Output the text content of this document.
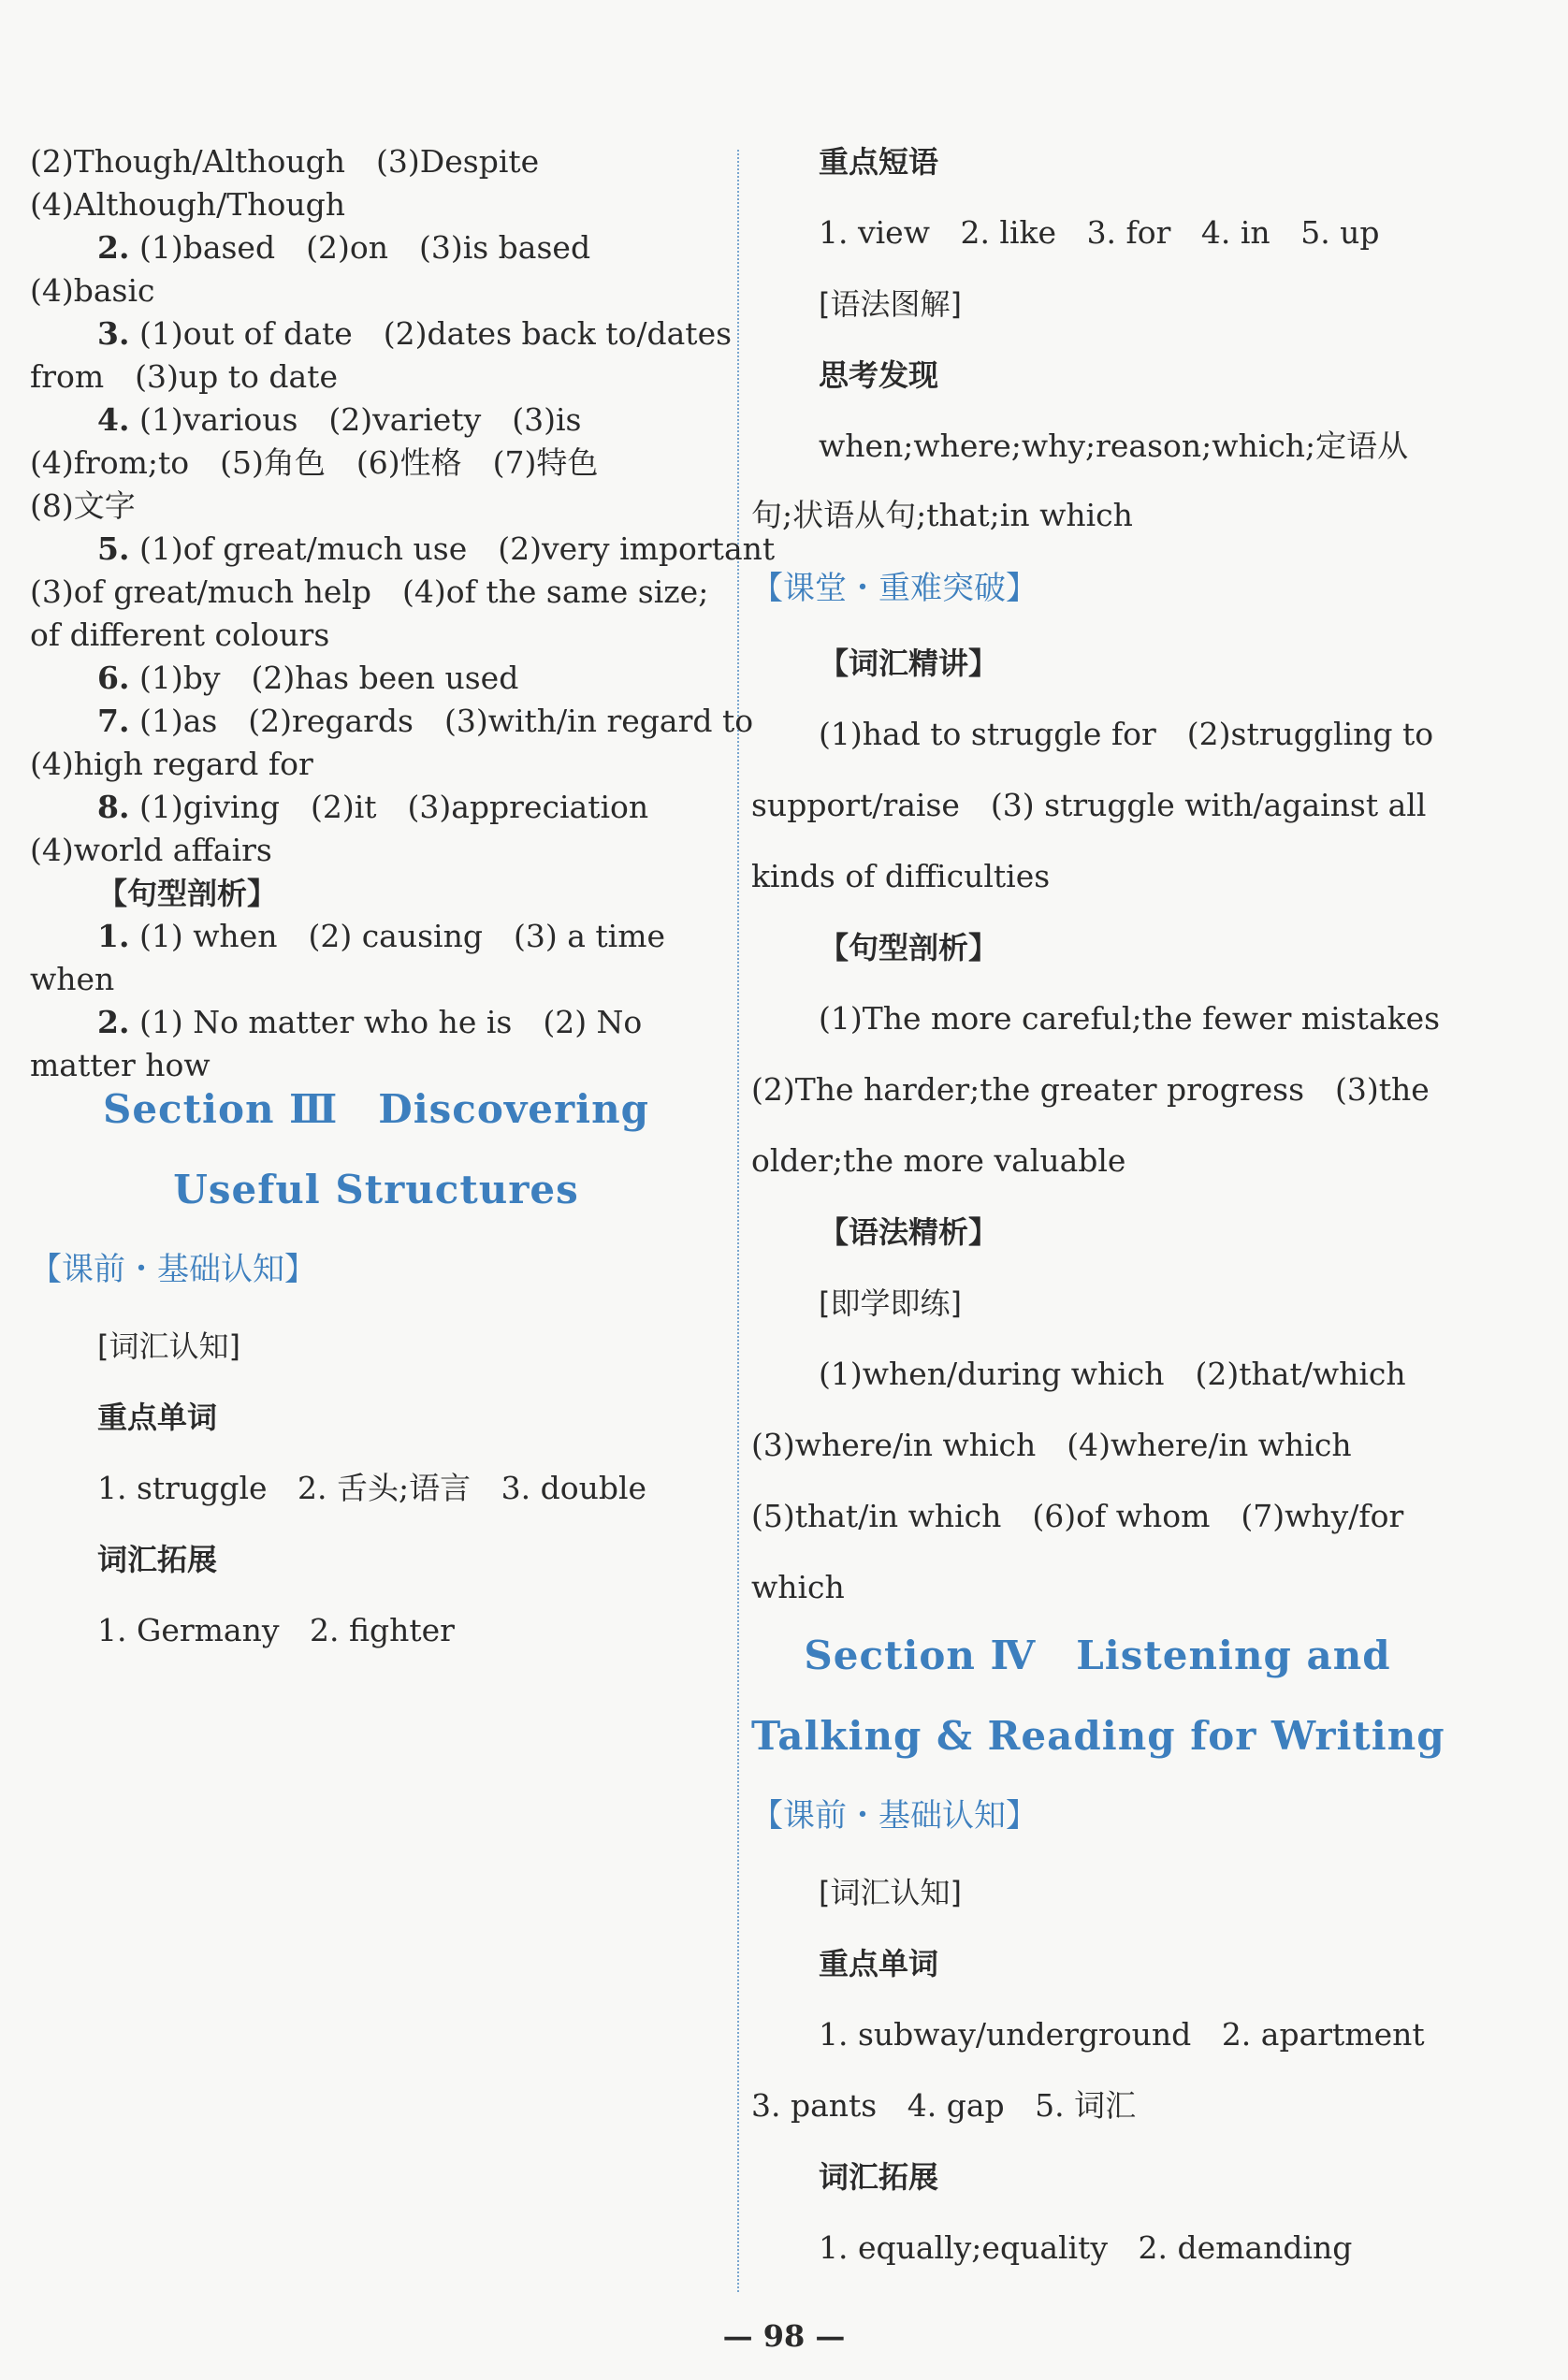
(2)Though/Although　(3)Despite
(4)Although/Though
2. (1)based　(2)on　(3)is based
(4)basic
3. (1)out of date　(2)dates back to/dates
from　(3)up to date
4. (1)various　(2)variety　(3)is
(4)from;to　(5)角色　(6)性格　(7)特色
(8)文字
5. (1)of great/much use　(2)very important
(3)of great/much help　(4)of the same size;
of different colours
6. (1)by　(2)has been used
7. (1)as　(2)regards　(3)with/in regard to
(4)high regard for
8. (1)giving　(2)it　(3)appreciation
(4)world affairs
【句型剖析】
1. (1) when　(2) causing　(3) a time
when
2. (1) No matter who he is　(2) No
matter how
Section Ⅲ　Discovering
Useful Structures
【课前・基础认知】
[词汇认知]
重点单词
1. struggle 2. 舌头;语言 3. double
词汇拓展
1. Germany 2. fighter
重点短语
1. view 2. like 3. for 4. in 5. up
[语法图解]
思考发现
when;where;why;reason;which;定语从
句;状语从句;that;in which
【课堂・重难突破】
【词汇精讲】
(1)had to struggle for　(2)struggling to
support/raise　(3) struggle with/against all
kinds of difficulties
【句型剖析】
(1)The more careful;the fewer mistakes
(2)The harder;the greater progress　(3)the
older;the more valuable
【语法精析】
[即学即练]
(1)when/during which　(2)that/which
(3)where/in which　(4)where/in which
(5)that/in which　(6)of whom　(7)why/for
which
Section Ⅳ　Listening and
Talking & Reading for Writing
【课前・基础认知】
[词汇认知]
重点单词
1. subway/underground 2. apartment
3. pants 4. gap 5. 词汇
词汇拓展
1. equally;equality 2. demanding
— 98 —
